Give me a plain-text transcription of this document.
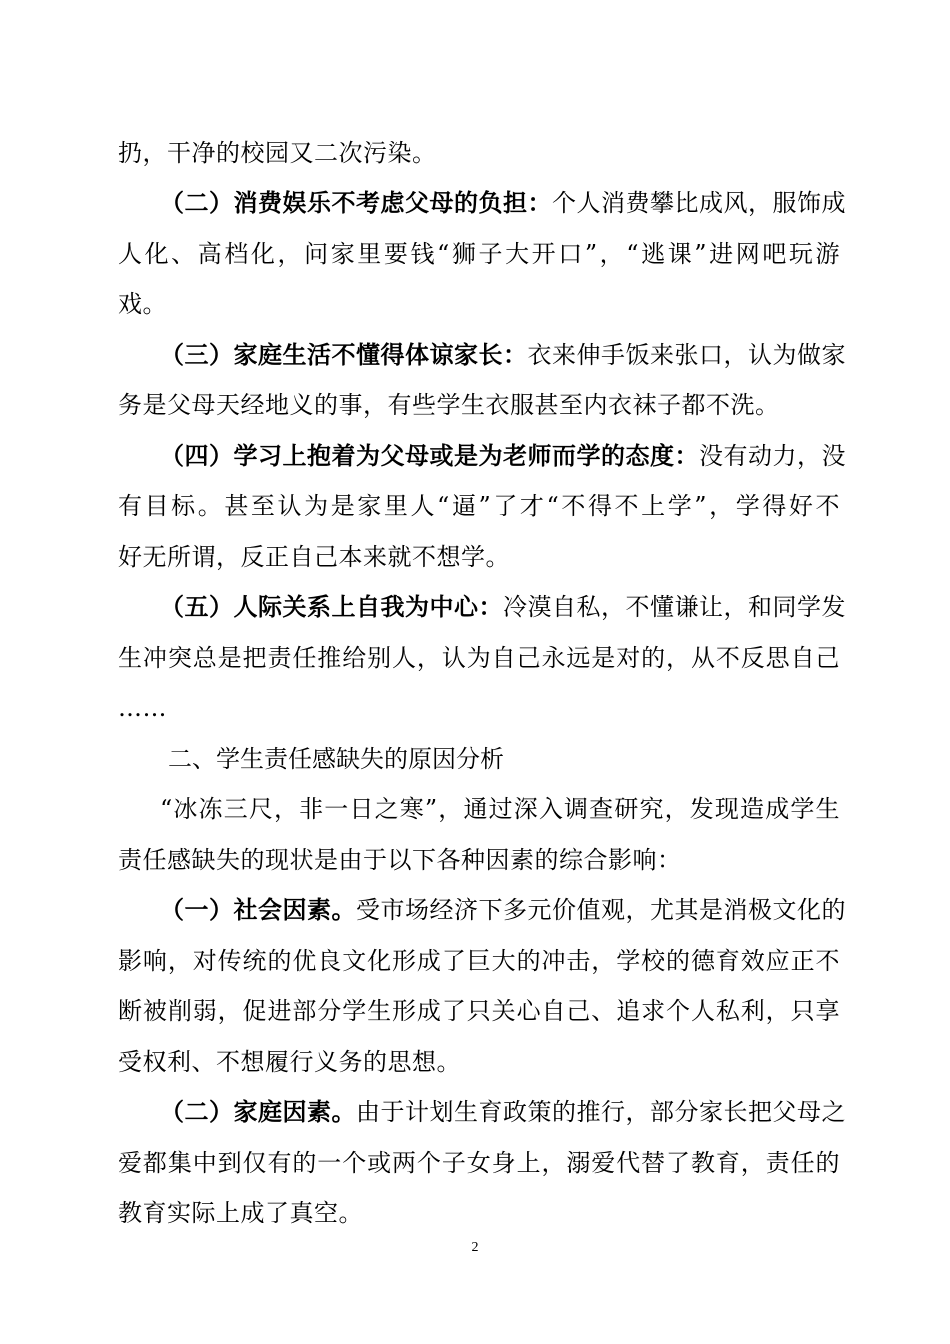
扔，干净的校园又二次污染。
（二）消费娱乐不考虑父母的负担：个人消费攀比成风，服饰成
人化、高档化，问家里要钱“狮子大开口”，“逃课”进网吧玩游
戏。
（三）家庭生活不懂得体谅家长：衣来伸手饭来张口，认为做家
务是父母天经地义的事，有些学生衣服甚至内衣袜子都不洗。
（四）学习上抱着为父母或是为老师而学的态度：没有动力，没
有目标。甚至认为是家里人“逼”了才“不得不上学”，学得好不
好无所谓，反正自己本来就不想学。
（五）人际关系上自我为中心：冷漠自私，不懂谦让，和同学发
生冲突总是把责任推给别人，认为自己永远是对的，从不反思自己
……
二、学生责任感缺失的原因分析
“冰冻三尺，非一日之寒”，通过深入调查研究，发现造成学生
责任感缺失的现状是由于以下各种因素的综合影响：
（一）社会因素。受市场经济下多元价值观，尤其是消极文化的
影响，对传统的优良文化形成了巨大的冲击，学校的德育效应正不
断被削弱，促进部分学生形成了只关心自己、追求个人私利，只享
受权利、不想履行义务的思想。
（二）家庭因素。由于计划生育政策的推行，部分家长把父母之
爱都集中到仅有的一个或两个子女身上，溺爱代替了教育，责任的
教育实际上成了真空。
2
